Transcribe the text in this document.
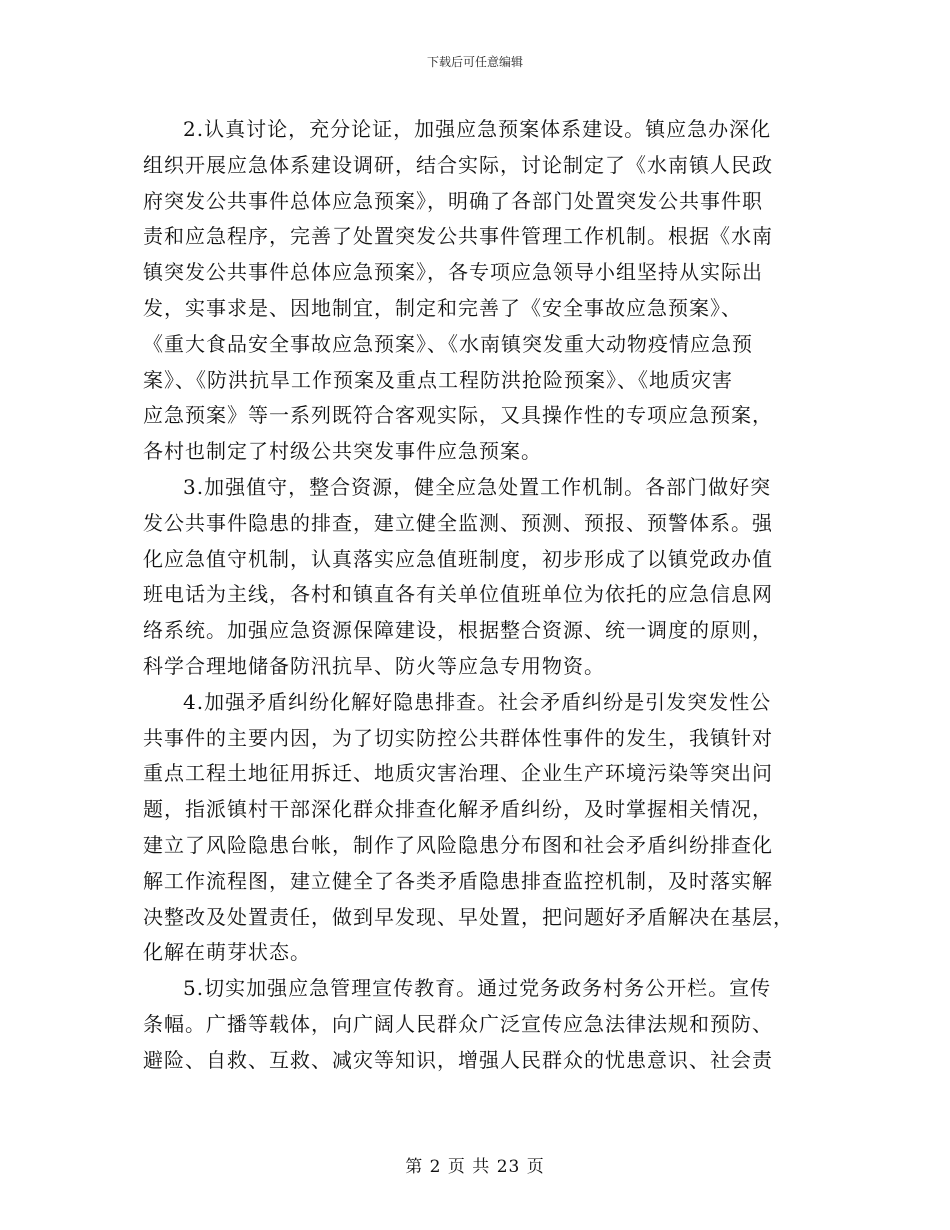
下载后可任意编辑

2.认真讨论，充分论证，加强应急预案体系建设。镇应急办深化
组织开展应急体系建设调研，结合实际，讨论制定了《水南镇人民政
府突发公共事件总体应急预案》，明确了各部门处置突发公共事件职
责和应急程序，完善了处置突发公共事件管理工作机制。根据《水南
镇突发公共事件总体应急预案》，各专项应急领导小组坚持从实际出
发，实事求是、因地制宜，制定和完善了《安全事故应急预案》、
《重大食品安全事故应急预案》、《水南镇突发重大动物疫情应急预
案》、《防洪抗旱工作预案及重点工程防洪抢险预案》、《地质灾害
应急预案》等一系列既符合客观实际，又具操作性的专项应急预案，
各村也制定了村级公共突发事件应急预案。

3.加强值守，整合资源，健全应急处置工作机制。各部门做好突
发公共事件隐患的排查，建立健全监测、预测、预报、预警体系。强
化应急值守机制，认真落实应急值班制度，初步形成了以镇党政办值
班电话为主线，各村和镇直各有关单位值班单位为依托的应急信息网
络系统。加强应急资源保障建设，根据整合资源、统一调度的原则，
科学合理地储备防汛抗旱、防火等应急专用物资。

4.加强矛盾纠纷化解好隐患排查。社会矛盾纠纷是引发突发性公
共事件的主要内因，为了切实防控公共群体性事件的发生，我镇针对
重点工程土地征用拆迁、地质灾害治理、企业生产环境污染等突出问
题，指派镇村干部深化群众排查化解矛盾纠纷，及时掌握相关情况，
建立了风险隐患台帐，制作了风险隐患分布图和社会矛盾纠纷排查化
解工作流程图，建立健全了各类矛盾隐患排查监控机制，及时落实解
决整改及处置责任，做到早发现、早处置，把问题好矛盾解决在基层，
化解在萌芽状态。

5.切实加强应急管理宣传教育。通过党务政务村务公开栏。宣传
条幅。广播等载体，向广阔人民群众广泛宣传应急法律法规和预防、
避险、自救、互救、减灾等知识，增强人民群众的忧患意识、社会责

第 2 页 共 23 页
